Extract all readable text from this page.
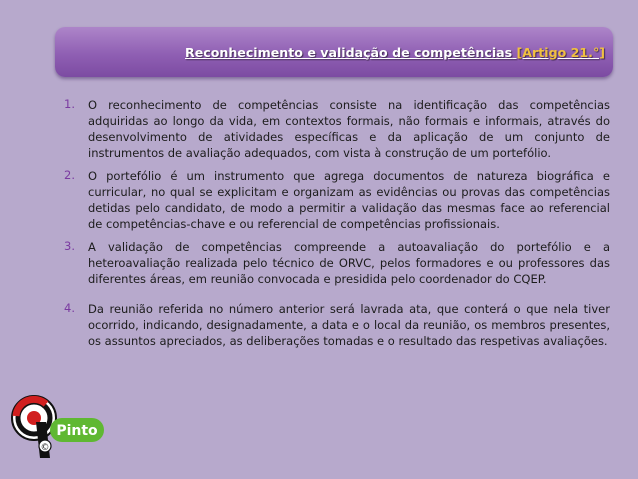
Reconhecimento e validação de competências [Artigo 21.°]
1. O reconhecimento de competências consiste na identificação das competências adquiridas ao longo da vida, em contextos formais, não formais e informais, através do desenvolvimento de atividades específicas e da aplicação de um conjunto de instrumentos de avaliação adequados, com vista à construção de um portefólio.
2. O portefólio é um instrumento que agrega documentos de natureza biográfica e curricular, no qual se explicitam e organizam as evidências ou provas das competências detidas pelo candidato, de modo a permitir a validação das mesmas face ao referencial de competências-chave e ou referencial de competências profissionais.
3. A validação de competências compreende a autoavaliação do portefólio e a heteroavaliação realizada pelo técnico de ORVC, pelos formadores e ou professores das diferentes áreas, em reunião convocada e presidida pelo coordenador do CQEP.
4. Da reunião referida no número anterior será lavrada ata, que conterá o que nela tiver ocorrido, indicando, designadamente, a data e o local da reunião, os membros presentes, os assuntos apreciados, as deliberações tomadas e o resultado das respetivas avaliações.
Pinto
©
